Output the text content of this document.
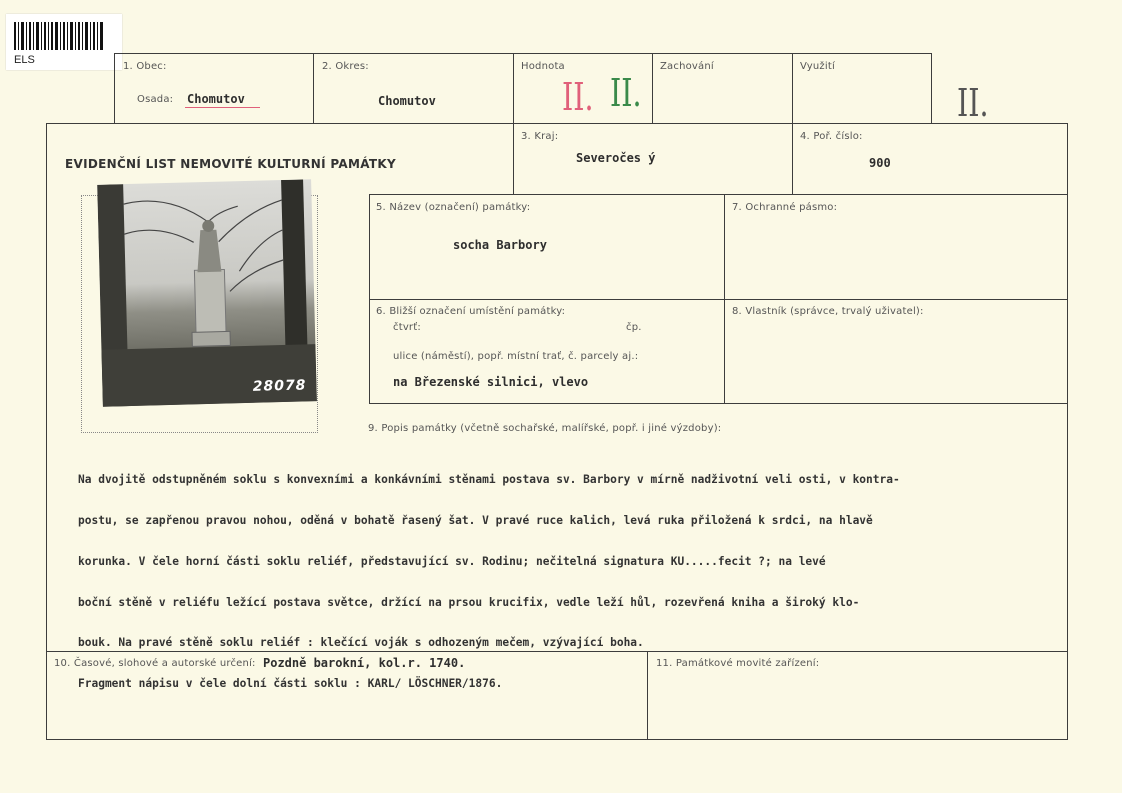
ELS
1. Obec:
Osada: Chomutov
2. Okres:
Chomutov
Hodnota
II. II.
Zachování	Využití
II.
EVIDENČNÍ LIST NEMOVITÉ KULTURNÍ PAMÁTKY
3. Kraj:
Severočes ý
4. Poř. číslo:
900
28078
5. Název (označení) památky:
socha Barbory
7. Ochranné pásmo:
6. Bližší označení umístění památky:
čtvrť:	čp.
ulice (náměstí), popř. místní trať, č. parcely aj.:
na Březenské silnici, vlevo
8. Vlastník (správce, trvalý uživatel):
9. Popis památky (včetně sochařské, malířské, popř. i jiné výzdoby):

Na dvojitě odstupněném soklu s konvexními a konkávními stěnami postava sv. Barbory v mírně nadživotní veli osti, v kontra-

postu, se zapřenou pravou nohou, oděná v bohatě řasený šat. V pravé ruce kalich, levá ruka přiložená k srdci, na hlavě

korunka. V čele horní části soklu reliéf, představující sv. Rodinu; nečitelná signatura KU.....fecit ?; na levé

boční stěně v reliéfu ležící postava světce, držící na prsou krucifix, vedle leží hůl, rozevřená kniha a široký klo-

bouk. Na pravé stěně soklu reliéf : klečící voják s odhozeným mečem, vzývající boha.

Fragment nápisu v čele dolní části soklu : KARL/ LÖSCHNER/1876.

10. Časové, slohové a autorské určení: Pozdně barokní, kol.r. 1740.	11. Památkové movité zařízení:
